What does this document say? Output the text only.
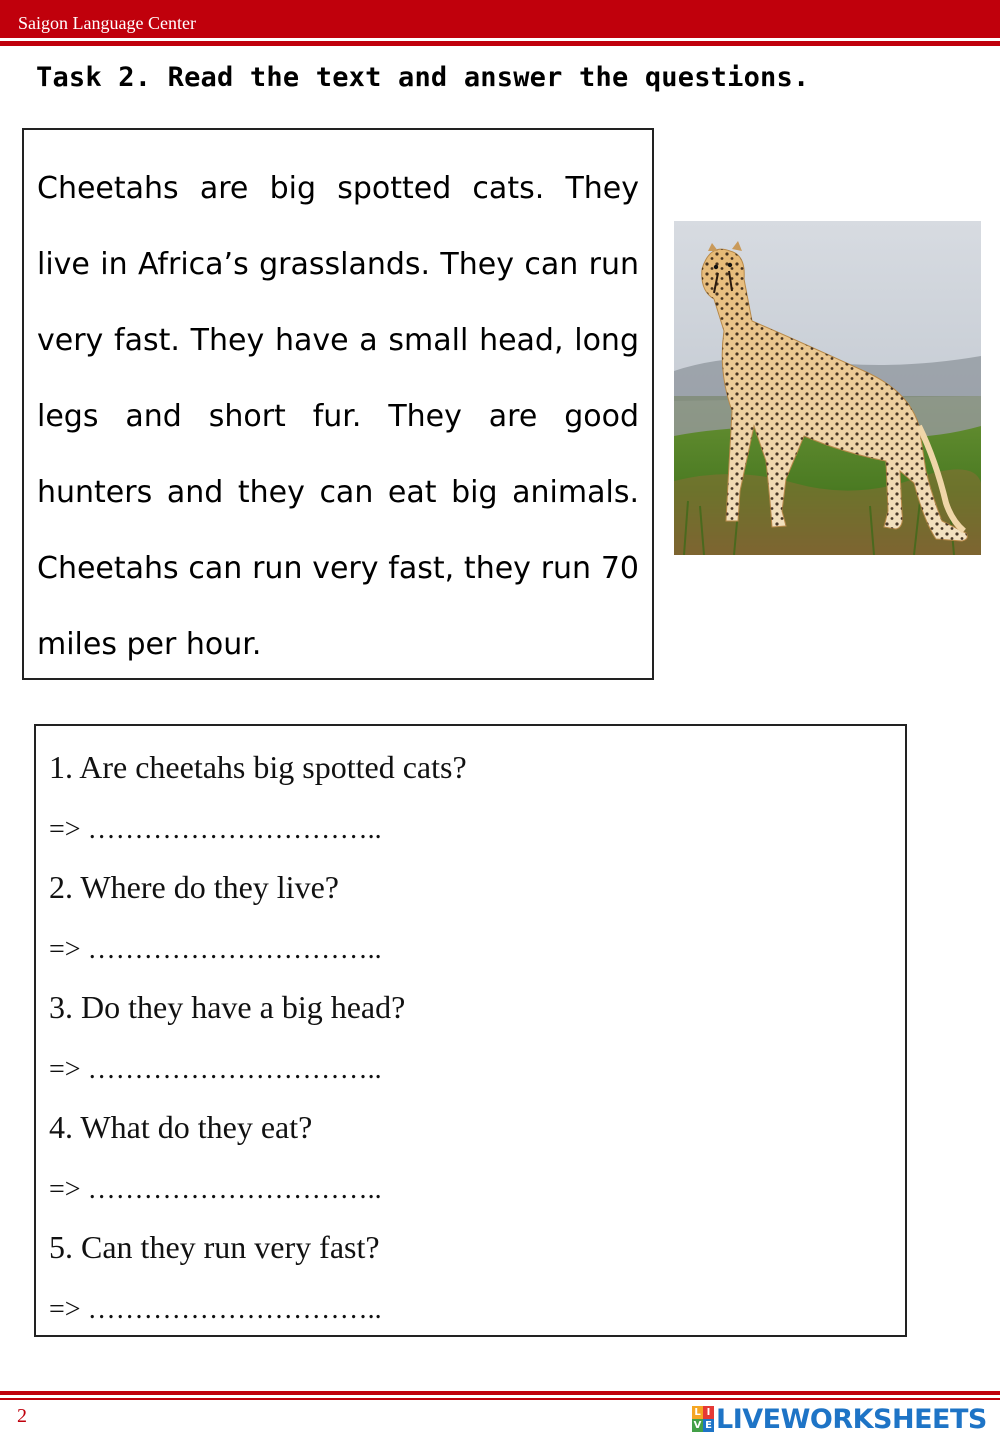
Saigon Language Center
Task 2. Read the text and answer the questions.

Cheetahs are big spotted cats. They live in Africa’s grasslands. They can run very fast. They have a small head, long legs and short fur. They are good hunters and they can eat big animals. Cheetahs can run very fast, they run 70 miles per hour.

1. Are cheetahs big spotted cats?
=> …………………………..
2. Where do they live?
=> …………………………..
3. Do they have a big head?
=> …………………………..
4. What do they eat?
=> …………………………..
5. Can they run very fast?
=> …………………………..
2	L I
V E LIVEWORKSHEETS
